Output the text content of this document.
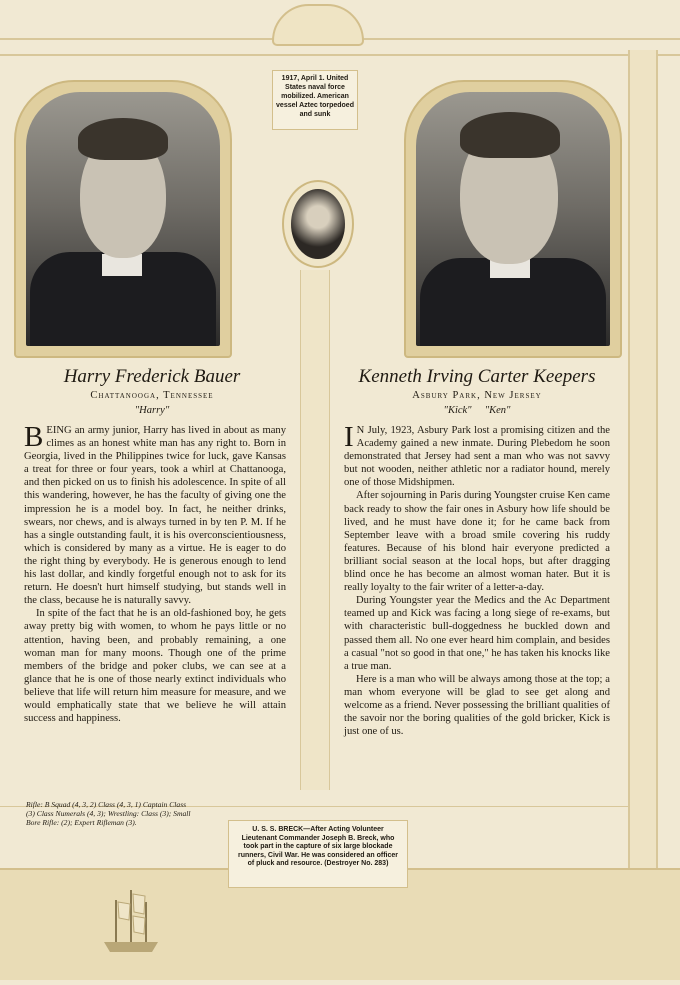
1917, April 1. United States naval force mobilized. American vessel Aztec torpedoed and sunk

Harry Frederick Bauer
Chattanooga, Tennessee
"Harry"

BEING an army junior, Harry has lived in about as many climes as an honest white man has any right to. Born in Georgia, lived in the Philippines twice for luck, gave Kansas a treat for three or four years, took a whirl at Chattanooga, and then picked on us to finish his adolescence. In spite of all this wandering, however, he has the faculty of giving one the impression he is a model boy. In fact, he neither drinks, swears, nor chews, and is always turned in by ten P. M. If he has a single outstanding fault, it is his overconscientiousness, which is considered by many as a virtue. He is eager to do the right thing by everybody. He is generous enough to lend his last dollar, and kindly forgetful enough not to ask for its return. He doesn't hurt himself studying, but stands well in the class, because he is naturally savvy.

In spite of the fact that he is an old-fashioned boy, he gets away pretty big with women, to whom he pays little or no attention, having been, and probably remaining, a one woman man for many moons. Though one of the prime members of the bridge and poker clubs, we can see at a glance that he is one of those nearly extinct individuals who believe that life will return him measure for measure, and we would emphatically state that we believe he will attain success and happiness.

Rifle: B Squad (4, 3, 2) Class (4, 3, 1) Captain Class (3) Class Numerals (4, 3); Wrestling: Class (3); Small Bore Rifle: (2); Expert Rifleman (3).
Kenneth Irving Carter Keepers
Asbury Park, New Jersey
"Kick"     "Ken"

I N July, 1923, Asbury Park lost a promising citizen and the Academy gained a new inmate. During Plebedom he soon demonstrated that Jersey had sent a man who was not savvy but not wooden, neither athletic nor a radiator hound, merely one of those Midshipmen.

After sojourning in Paris during Youngster cruise Ken came back ready to show the fair ones in Asbury how life should be lived, and he must have done it; for he came back from September leave with a broad smile covering his ruddy features. Because of his blond hair everyone predicted a brilliant social season at the local hops, but after dragging blind once he has become an almost woman hater. But it is really loyalty to the fair writer of a letter-a-day.

During Youngster year the Medics and the Ac Department teamed up and Kick was facing a long siege of re-exams, but with characteristic bull-doggedness he buckled down and passed them all. No one ever heard him complain, and besides a casual "not so good in that one," he has taken his knocks like a true man.

Here is a man who will be always among those at the top; a man whom everyone will be glad to see get along and welcome as a friend. Never possessing the brilliant qualities of the savoir nor the boring qualities of the gold bricker, Kick is just one of us.

U. S. S. BRECK—After Acting Volunteer Lieutenant Commander Joseph B. Breck, who took part in the capture of six large blockade runners, Civil War. He was considered an officer of pluck and resource. (Destroyer No. 283)
